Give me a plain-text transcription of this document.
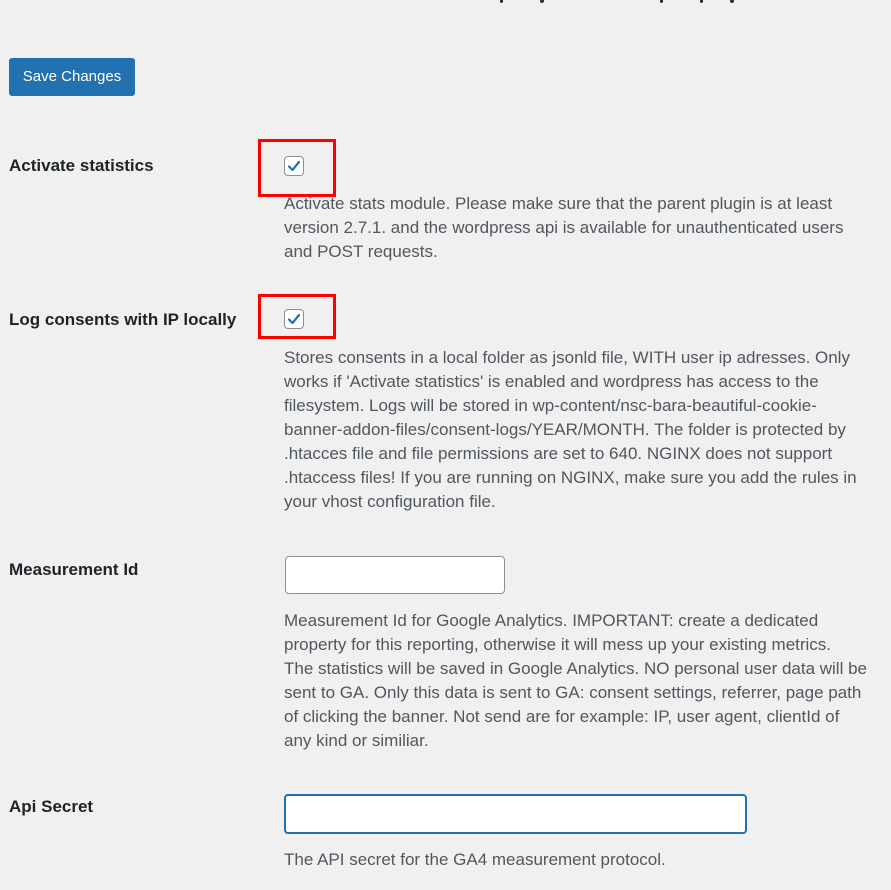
Save Changes
Activate statistics
Activate stats module. Please make sure that the parent plugin is at least
version 2.7.1. and the wordpress api is available for unauthenticated users
and POST requests.
Log consents with IP locally
Stores consents in a local folder as jsonld file, WITH user ip adresses. Only
works if 'Activate statistics' is enabled and wordpress has access to the
filesystem. Logs will be stored in wp-content/nsc-bara-beautiful-cookie-
banner-addon-files/consent-logs/YEAR/MONTH. The folder is protected by
.htacces file and file permissions are set to 640. NGINX does not support
.htaccess files! If you are running on NGINX, make sure you add the rules in
your vhost configuration file.
Measurement Id
Measurement Id for Google Analytics. IMPORTANT: create a dedicated
property for this reporting, otherwise it will mess up your existing metrics.
The statistics will be saved in Google Analytics. NO personal user data will be
sent to GA. Only this data is sent to GA: consent settings, referrer, page path
of clicking the banner. Not send are for example: IP, user agent, clientId of
any kind or similiar.
Api Secret
The API secret for the GA4 measurement protocol.
